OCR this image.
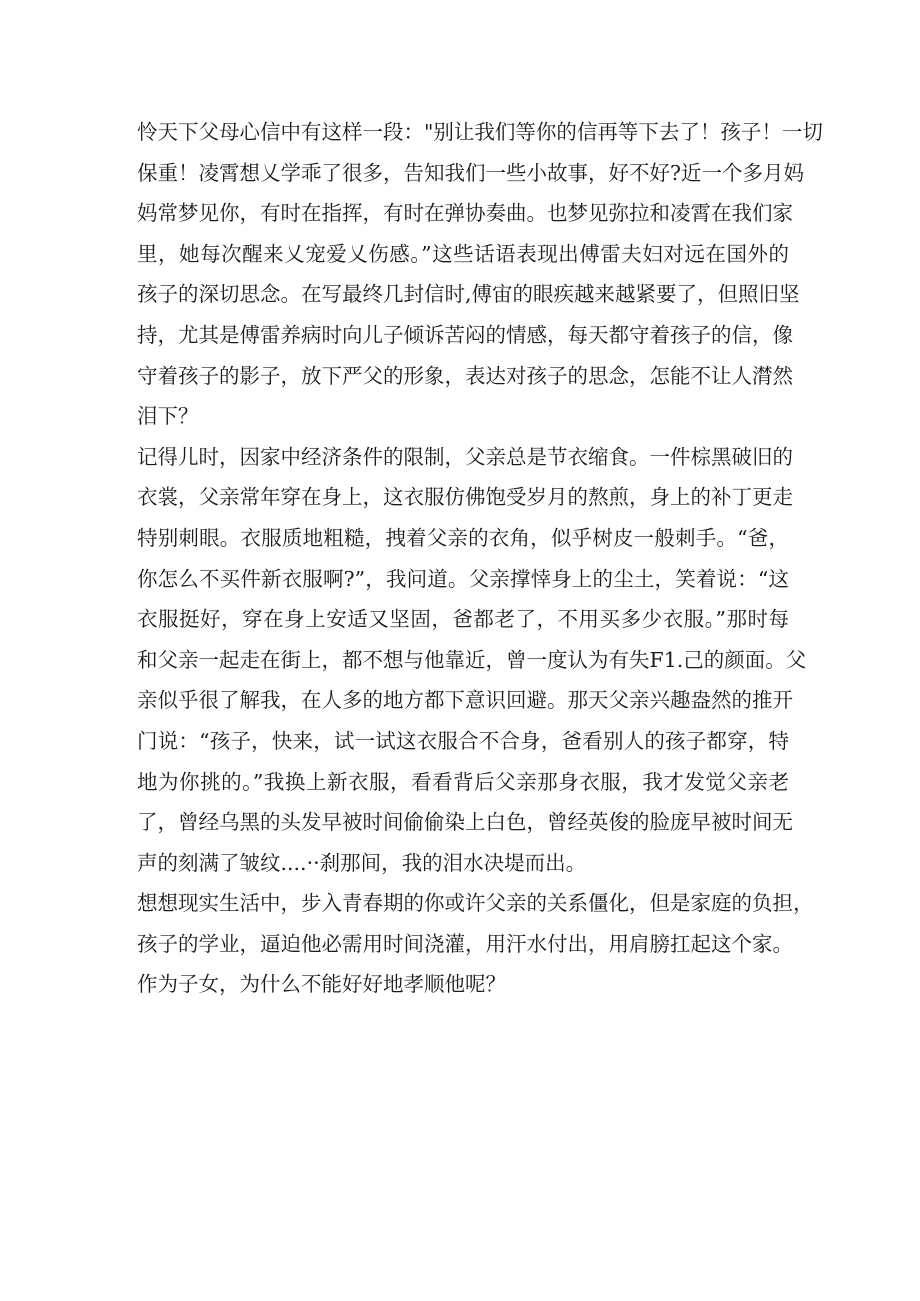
怜天下父母心信中有这样一段："别让我们等你的信再等下去了！孩子！一切
保重！凌霄想乂学乖了很多，告知我们一些小故事，好不好?近一个多月妈
妈常梦见你，有时在指挥，有时在弹协奏曲。也梦见弥拉和凌霄在我们家
里，她每次醒来乂宠爱乂伤感。”这些话语表现出傅雷夫妇对远在国外的
孩子的深切思念。在写最终几封信时,傅宙的眼疾越来越紧要了，但照旧坚
持，尤其是傅雷养病时向儿子倾诉苦闷的情感，每天都守着孩子的信，像
守着孩子的影子，放下严父的形象，表达对孩子的思念，怎能不让人潸然
泪下？
记得儿时，因家中经济条件的限制，父亲总是节衣缩食。一件棕黑破旧的
衣裳，父亲常年穿在身上，这衣服仿佛饱受岁月的熬煎，身上的补丁更走
特别刺眼。衣服质地粗糙，拽着父亲的衣角，似乎树皮一般刺手。“爸，
你怎么不买件新衣服啊?”，我问道。父亲撑悻身上的尘土，笑着说：“这
衣服挺好，穿在身上安适又坚固，爸都老了，不用买多少衣服。”那时每
和父亲一起走在街上，都不想与他靠近，曾一度认为有失F1.己的颜面。父
亲似乎很了解我，在人多的地方都下意识回避。那天父亲兴趣盎然的推开
门说：“孩子，快来，试一试这衣服合不合身，爸看别人的孩子都穿，特
地为你挑的。”我换上新衣服，看看背后父亲那身衣服，我才发觉父亲老
了，曾经乌黑的头发早被时间偷偷染上白色，曾经英俊的脸庞早被时间无
声的刻满了皱纹....··刹那间，我的泪水决堤而出。
想想现实生活中，步入青春期的你或许父亲的关系僵化，但是家庭的负担，
孩子的学业，逼迫他必需用时间浇灌，用汗水付出，用肩膀扛起这个家。
作为子女，为什么不能好好地孝顺他呢？
